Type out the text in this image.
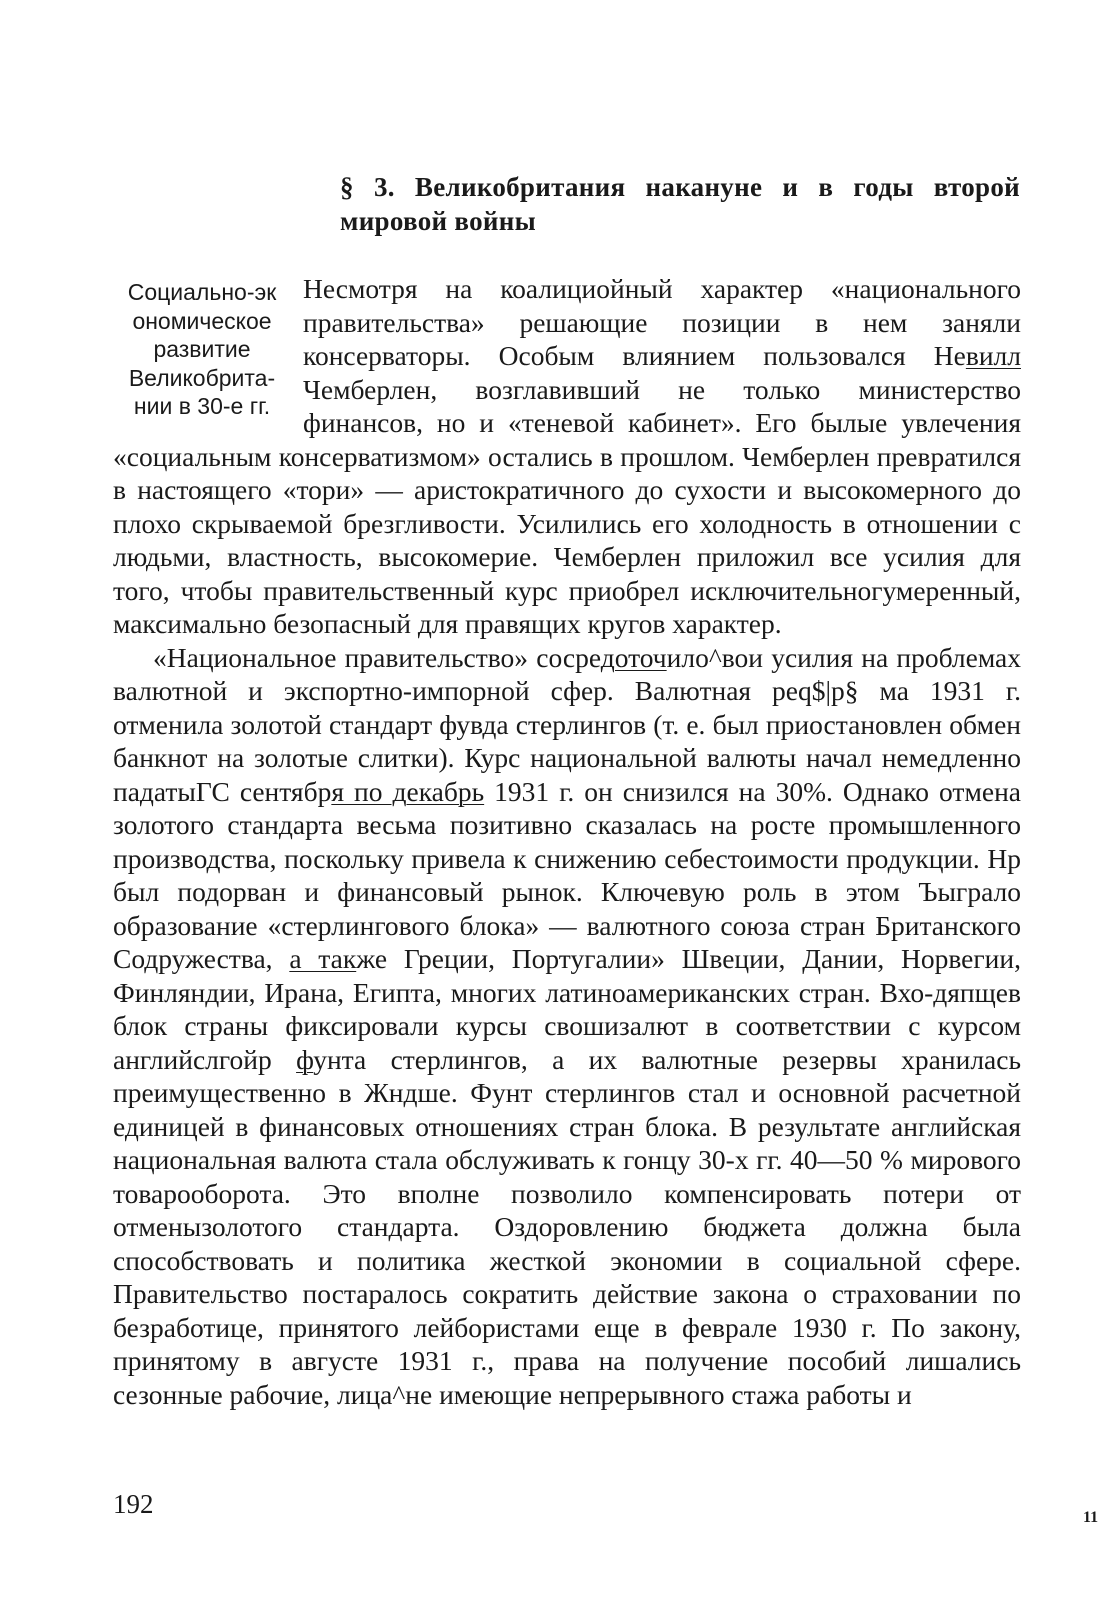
§ 3. Великобритания накануне и в годы второй мировой войны
Социально-эк
ономическое
развитие
Великобрита-
нии в 30-е гг.

Несмотря на коалициойный характер «национального правительства» решающие позиции в нем заняли консерваторы. Особым влиянием пользовался Невилл Чемберлен, возглавивший не только министерство финансов, но и «теневой кабинет». Его былые увлечения «социальным консерватизмом» остались в прошлом. Чемберлен превратился в настоящего «тори» — аристократичного до сухости и высокомерного до плохо скрываемой брезгливости. Усилились его холодность в отношении с людьми, властность, высокомерие. Чемберлен приложил все усилия для того, чтобы правительственный курс приобрел исключительногумеренный, максимально безопасный для правящих кругов характер.

«Национальное правительство» сосредоточило^вои усилия на проблемах валютной и экспортно-импорной сфер. Валютная peq$|p§ ма 1931 г. отменила золотой стандарт фувда стерлингов (т. е. был приостановлен обмен банкнот на золотые слитки). Курс национальной валюты начал немедленно падатыГС сентября по декабрь 1931 г. он снизился на 30%. Однако отмена золотого стандарта весьма позитивно сказалась на росте промышленного производства, поскольку привела к снижению себестоимости продукции. Нр был подорван и финансовый рынок. Ключевую роль в этом Ъыграло образование «стерлингового блока» — валютного союза стран Британского Содружества, а также Греции, Португалии» Швеции, Дании, Норвегии, Финляндии, Ирана, Египта, многих латиноамериканских стран. Вхо-дяпщев блок страны фиксировали курсы свошизалют в соответствии с курсом английслгойр фунта стерлингов, а их валютные резервы хранилась преимущественно в Жндше. Фунт стерлингов стал и основной расчетной единицей в финансовых отношениях стран блока. В результате английская национальная валюта стала обслуживать к гонцу 30-х гг. 40—50 % мирового товарооборота. Это вполне позволило компенсировать потери от отменызолотого стандарта. Оздоровлению бюджета должна была способствовать и политика жесткой экономии в социальной сфере. Правительство постаралось сократить действие закона о страховании по безработице, принятого лейбористами еще в феврале 1930 г. По закону, принятому в августе 1931 г., права на получение пособий лишались сезонные рабочие, лица^не имеющие непрерывного стажа работы и

192	11
